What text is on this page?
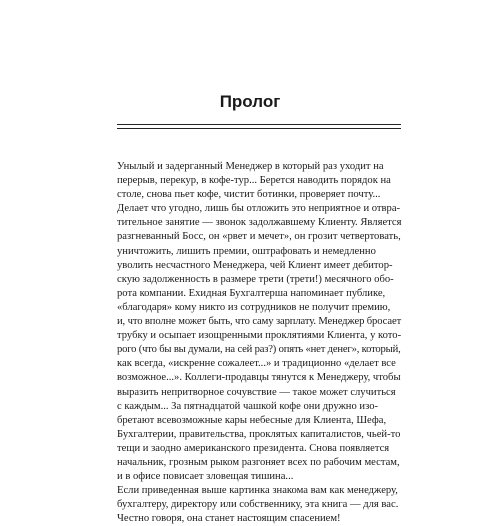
Пролог
Унылый и задерганный Менеджер в который раз уходит на
перерыв, перекур, в кофе-тур... Берется наводить порядок на
столе, снова пьет кофе, чистит ботинки, проверяет почту...
Делает что угодно, лишь бы отложить это неприятное и отвра-
тительное занятие — звонок задолжавшему Клиенту. Является
разгневанный Босс, он «рвет и мечет», он грозит четвертовать,
уничтожить, лишить премии, оштрафовать и немедленно
уволить несчастного Менеджера, чей Клиент имеет дебитор-
скую задолженность в размере трети (трети!) месячного обо-
рота компании. Ехидная Бухгалтерша напоминает публике,
«благодаря» кому никто из сотрудников не получит премию,
и, что вполне может быть, что саму зарплату. Менеджер бросает
трубку и осыпает изощренными проклятиями Клиента, у кото-
рого (что бы вы думали, на сей раз?) опять «нет денег», который,
как всегда, «искренне сожалеет...» и традиционно «делает все
возможное...». Коллеги-продавцы тянутся к Менеджеру, чтобы
выразить непритворное сочувствие — такое может случиться
с каждым... За пятнадцатой чашкой кофе они дружно изо-
бретают всевозможные кары небесные для Клиента, Шефа,
Бухгалтерии, правительства, проклятых капиталистов, чьей-то
тещи и заодно американского президента. Снова появляется
начальник, грозным рыком разгоняет всех по рабочим местам,
и в офисе повисает зловещая тишина...
Если приведенная выше картинка знакома вам как менеджеру,
бухгалтеру, директору или собственнику, эта книга — для вас.
Честно говоря, она станет настоящим спасением!
